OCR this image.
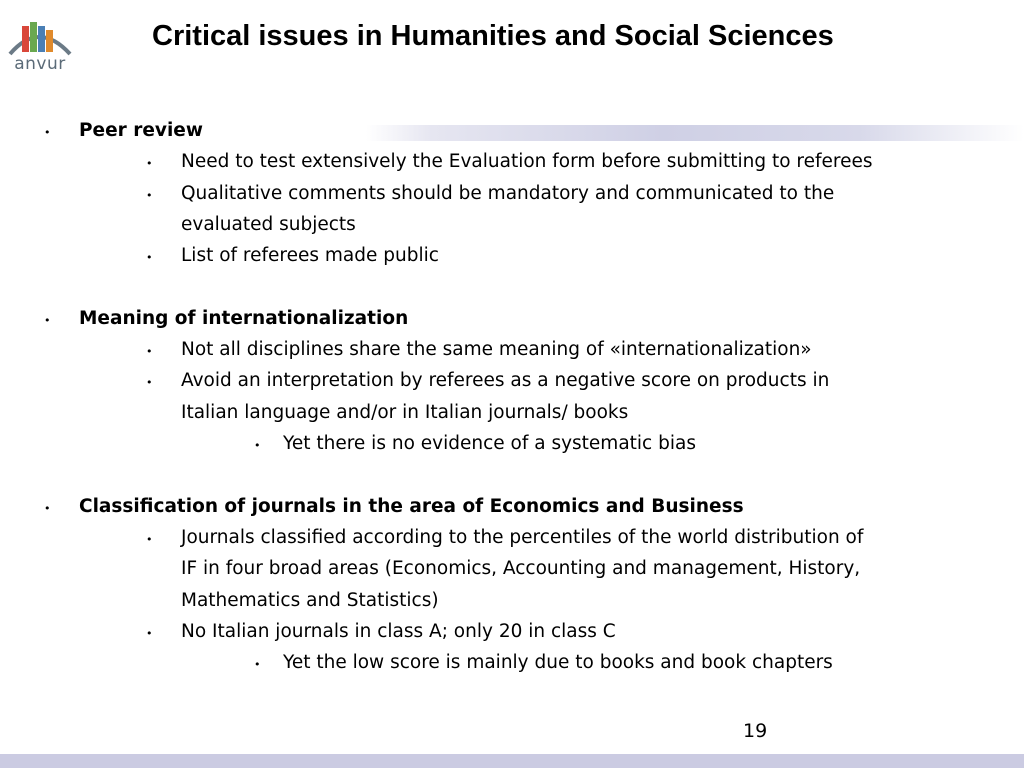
anvur
Critical issues in Humanities and Social Sciences
• Peer review
• Need to test extensively the Evaluation form before submitting to referees
• Qualitative comments should be mandatory and communicated to the
evaluated subjects
• List of referees made public
• Meaning of internationalization
• Not all disciplines share the same meaning of «internationalization»
• Avoid an interpretation by referees as a negative score on products in
Italian language and/or in Italian journals/ books
• Yet there is no evidence of a systematic bias
• Classification of journals in the area of Economics and Business
• Journals classified according to the percentiles of the world distribution of
IF in four broad areas (Economics, Accounting and management, History,
Mathematics and Statistics)
• No Italian journals in class A; only 20 in class C
• Yet the low score is mainly due to books and book chapters
19
